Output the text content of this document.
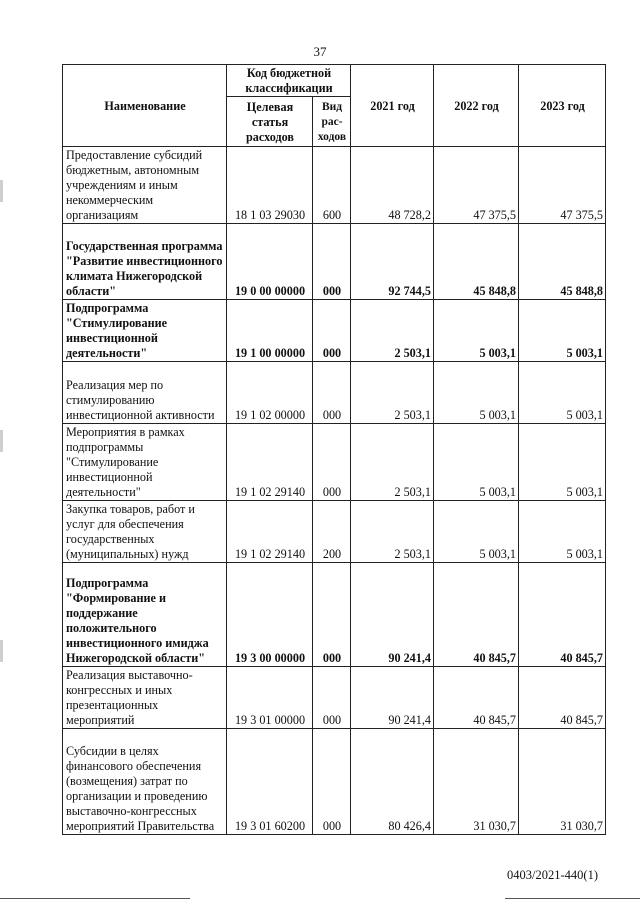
37
Наименование	Код бюджетной классификации		2021 год	2022 год	2023 год
	Целевая статья расходов	Вид рас- ходов			
Предоставление субсидий бюджетным, автономным учреждениям и иным некоммерческим организациям	18 1 03 29030	600	48 728,2	47 375,5	47 375,5
Государственная программа "Развитие инвестиционного климата Нижегородской области"	19 0 00 00000	000	92 744,5	45 848,8	45 848,8
Подпрограмма "Стимулирование инвестиционной деятельности"	19 1 00 00000	000	2 503,1	5 003,1	5 003,1
Реализация мер по стимулированию инвестиционной активности	19 1 02 00000	000	2 503,1	5 003,1	5 003,1
Мероприятия в рамках подпрограммы "Стимулирование инвестиционной деятельности"	19 1 02 29140	000	2 503,1	5 003,1	5 003,1
Закупка товаров, работ и услуг для обеспечения государственных (муниципальных) нужд	19 1 02 29140	200	2 503,1	5 003,1	5 003,1
Подпрограмма "Формирование и поддержание положительного инвестиционного имиджа Нижегородской области"	19 3 00 00000	000	90 241,4	40 845,7	40 845,7
Реализация выставочно-конгрессных и иных презентационных мероприятий	19 3 01 00000	000	90 241,4	40 845,7	40 845,7
Субсидии в целях финансового обеспечения (возмещения) затрат по организации и проведению выставочно-конгрессных мероприятий Правительства	19 3 01 60200	000	80 426,4	31 030,7	31 030,7
0403/2021-440(1)
